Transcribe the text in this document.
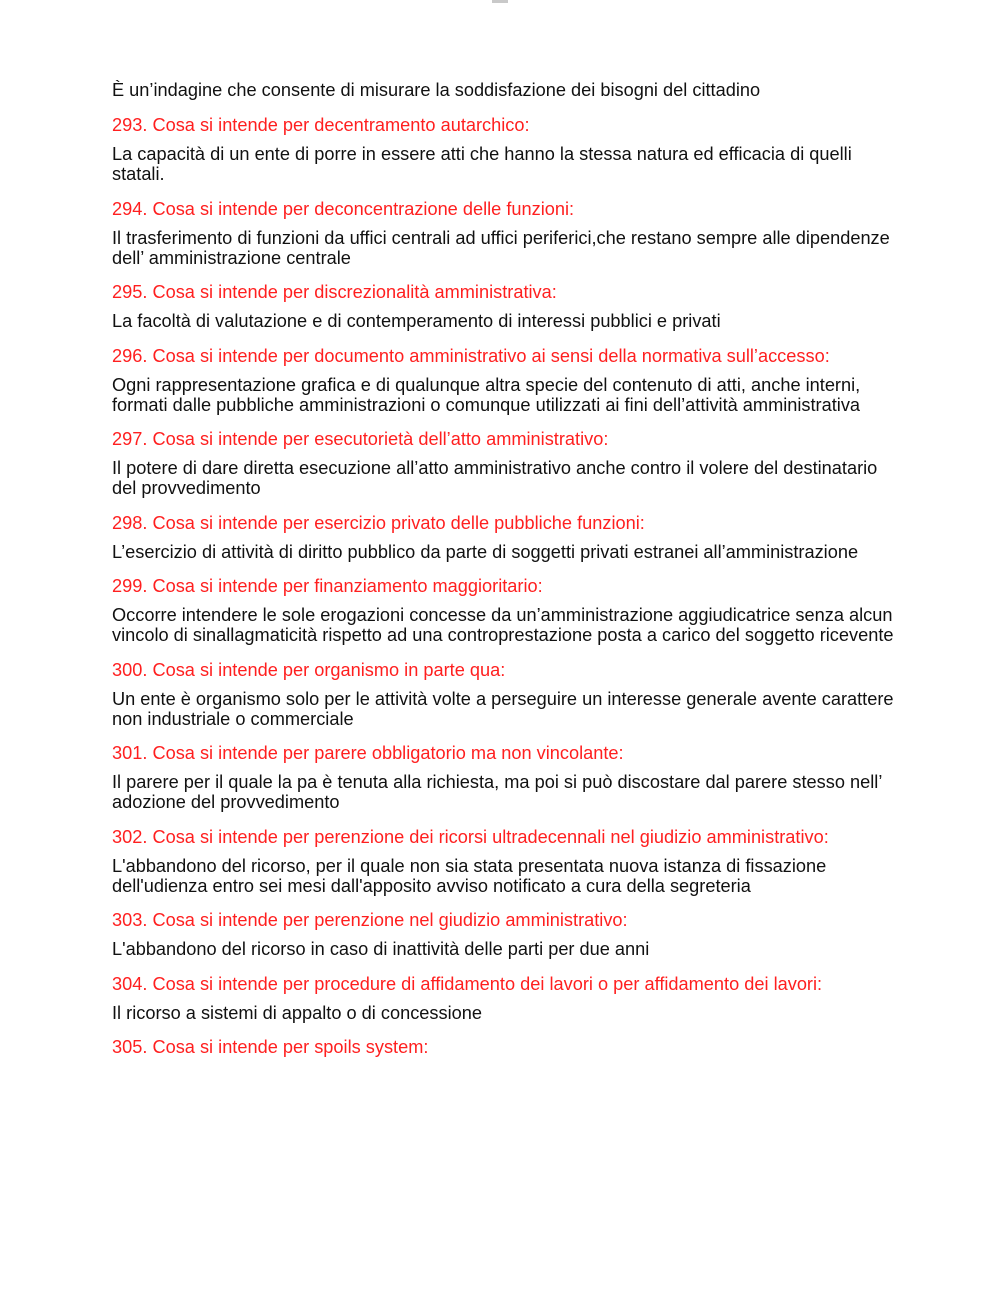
È un’indagine che consente di misurare la soddisfazione dei bisogni del cittadino
293. Cosa si intende per decentramento autarchico:
La capacità di un ente di porre in essere atti che hanno la stessa natura ed efficacia di quelli statali.
294. Cosa si intende per deconcentrazione delle funzioni:
Il trasferimento di funzioni da uffici centrali ad uffici periferici,che restano sempre alle dipendenze dell’ amministrazione centrale
295. Cosa si intende per discrezionalità amministrativa:
La facoltà di valutazione e di contemperamento di interessi pubblici e privati
296. Cosa si intende per documento amministrativo ai sensi della normativa sull’accesso:
Ogni rappresentazione grafica e di qualunque altra specie del contenuto di atti, anche interni, formati dalle pubbliche amministrazioni o comunque utilizzati ai fini dell’attività amministrativa
297. Cosa si intende per esecutorietà dell’atto amministrativo:
Il potere di dare diretta esecuzione all’atto amministrativo anche contro il volere del destinatario del provvedimento
298. Cosa si intende per esercizio privato delle pubbliche funzioni:
L’esercizio di attività di diritto pubblico da parte di soggetti privati estranei all’amministrazione
299. Cosa si intende per finanziamento maggioritario:
Occorre intendere le sole erogazioni concesse da un’amministrazione aggiudicatrice senza alcun vincolo di sinallagmaticità rispetto ad una controprestazione posta a carico del soggetto ricevente
300. Cosa si intende per organismo in parte qua:
Un ente è organismo solo per le attività volte a perseguire un interesse generale avente carattere non industriale o commerciale
301. Cosa si intende per parere obbligatorio ma non vincolante:
Il parere per il quale la pa è tenuta alla richiesta, ma poi si può discostare dal parere stesso nell’ adozione del provvedimento
302. Cosa si intende per perenzione dei ricorsi ultradecennali nel giudizio amministrativo:
L'abbandono del ricorso, per il quale non sia stata presentata nuova istanza di fissazione dell'udienza entro sei mesi dall'apposito avviso notificato a cura della segreteria
303. Cosa si intende per perenzione nel giudizio amministrativo:
L'abbandono del ricorso in caso di inattività delle parti per due anni
304. Cosa si intende per procedure di affidamento dei lavori o per affidamento dei lavori:
Il ricorso a sistemi di appalto o di concessione
305. Cosa si intende per spoils system:
